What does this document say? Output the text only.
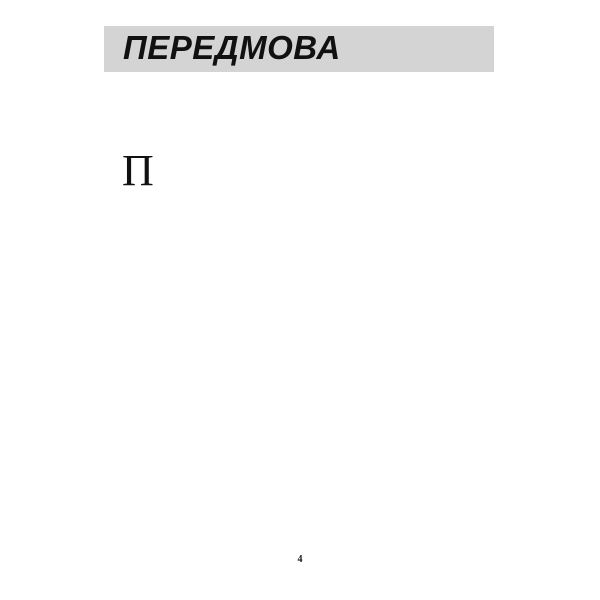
ПЕРЕДМОВА

П

4
